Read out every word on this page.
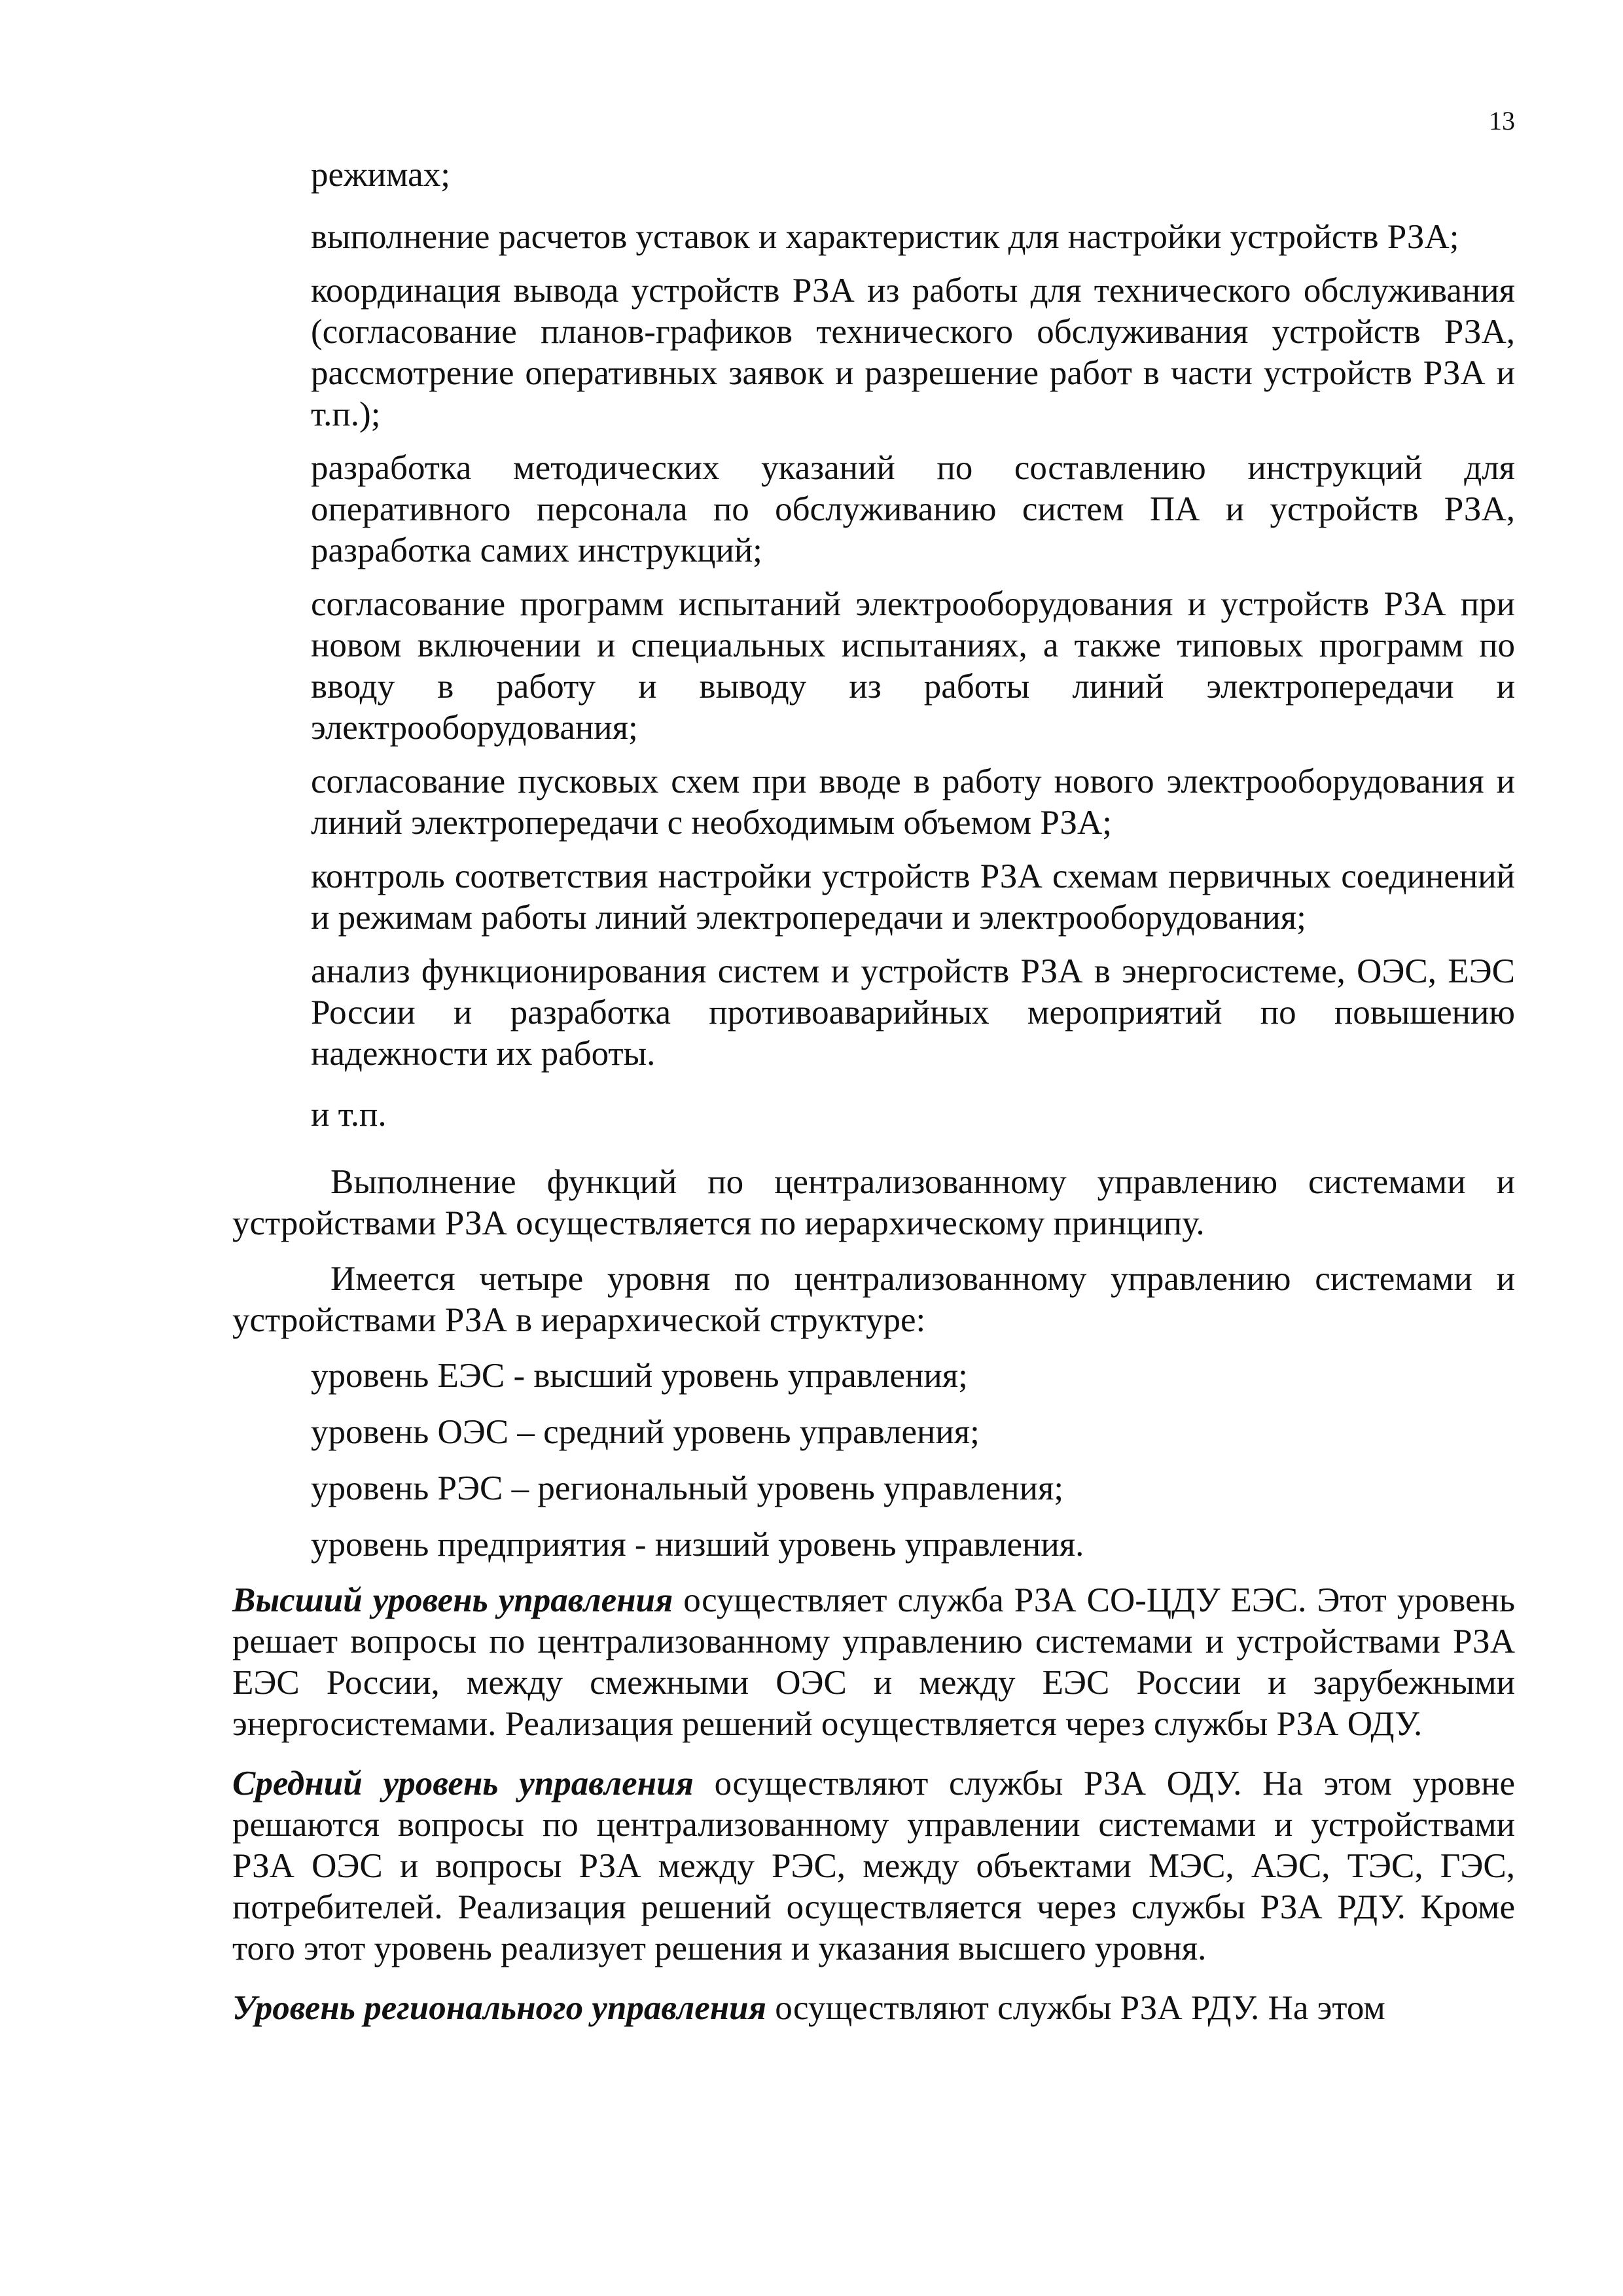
13

режимах;

выполнение расчетов уставок и характеристик для настройки устройств РЗА;

координация вывода устройств РЗА из работы для технического обслуживания (согласование планов-графиков технического обслуживания устройств РЗА, рассмотрение оперативных заявок и разрешение работ в части устройств РЗА и т.п.);

разработка методических указаний по составлению инструкций для оперативного персонала по обслуживанию систем ПА и устройств РЗА, разработка самих инструкций;

согласование программ испытаний электрооборудования и устройств РЗА при новом включении и специальных испытаниях, а также типовых программ по вводу в работу и выводу из работы линий электропередачи и электрооборудования;

согласование пусковых схем при вводе в работу нового электрооборудования и линий электропередачи с необходимым объемом РЗА;

контроль соответствия настройки устройств РЗА схемам первичных соединений и режимам работы линий электропередачи и электрооборудования;

анализ функционирования систем и устройств РЗА в энергосистеме, ОЭС, ЕЭС России и разработка противоаварийных мероприятий по повышению надежности их работы.

и т.п.

Выполнение функций по централизованному управлению системами и устройствами РЗА осуществляется по иерархическому принципу.

Имеется четыре уровня по централизованному управлению системами и устройствами РЗА в иерархической структуре:

уровень ЕЭС - высший уровень управления;

уровень ОЭС – средний уровень управления;

уровень РЭС – региональный уровень управления;

уровень предприятия - низший уровень управления.

Высший уровень управления осуществляет служба РЗА СО-ЦДУ ЕЭС. Этот уровень решает вопросы по централизованному управлению системами и устройствами РЗА ЕЭС России, между смежными ОЭС и между ЕЭС России и зарубежными энергосистемами. Реализация решений осуществляется через службы РЗА ОДУ.

Средний уровень управления осуществляют службы РЗА ОДУ. На этом уровне решаются вопросы по централизованному управлении системами и устройствами РЗА ОЭС и вопросы РЗА между РЭС, между объектами МЭС, АЭС, ТЭС, ГЭС, потребителей. Реализация решений осуществляется через службы РЗА РДУ. Кроме того этот уровень реализует решения и указания высшего уровня.

Уровень регионального управления осуществляют службы РЗА РДУ. На этом
